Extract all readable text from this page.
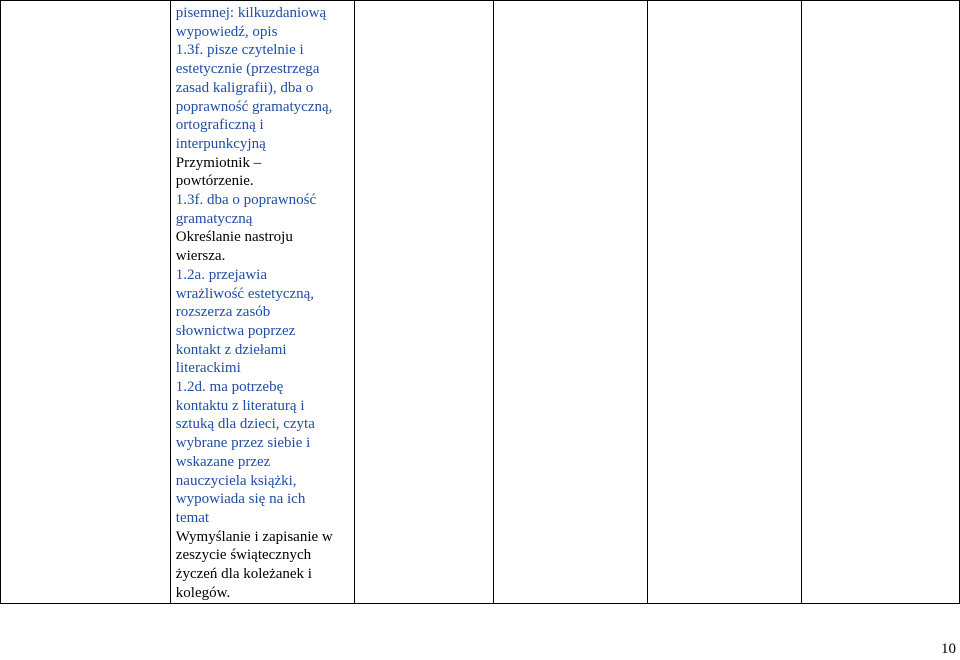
pisemnej: kilkuzdaniową
wypowiedź, opis
1.3f. pisze czytelnie i
estetycznie (przestrzega
zasad kaligrafii), dba o
poprawność gramatyczną,
ortograficzną i
interpunkcyjną
Przymiotnik –
powtórzenie.
1.3f. dba o poprawność
gramatyczną
Określanie nastroju
wiersza.
1.2a. przejawia
wrażliwość estetyczną,
rozszerza zasób
słownictwa poprzez
kontakt z dziełami
literackimi
1.2d. ma potrzebę
kontaktu z literaturą i
sztuką dla dzieci, czyta
wybrane przez siebie i
wskazane przez
nauczyciela książki,
wypowiada się na ich
temat
Wymyślanie i zapisanie w
zeszycie świątecznych
życzeń dla koleżanek i
kolegów.

10
